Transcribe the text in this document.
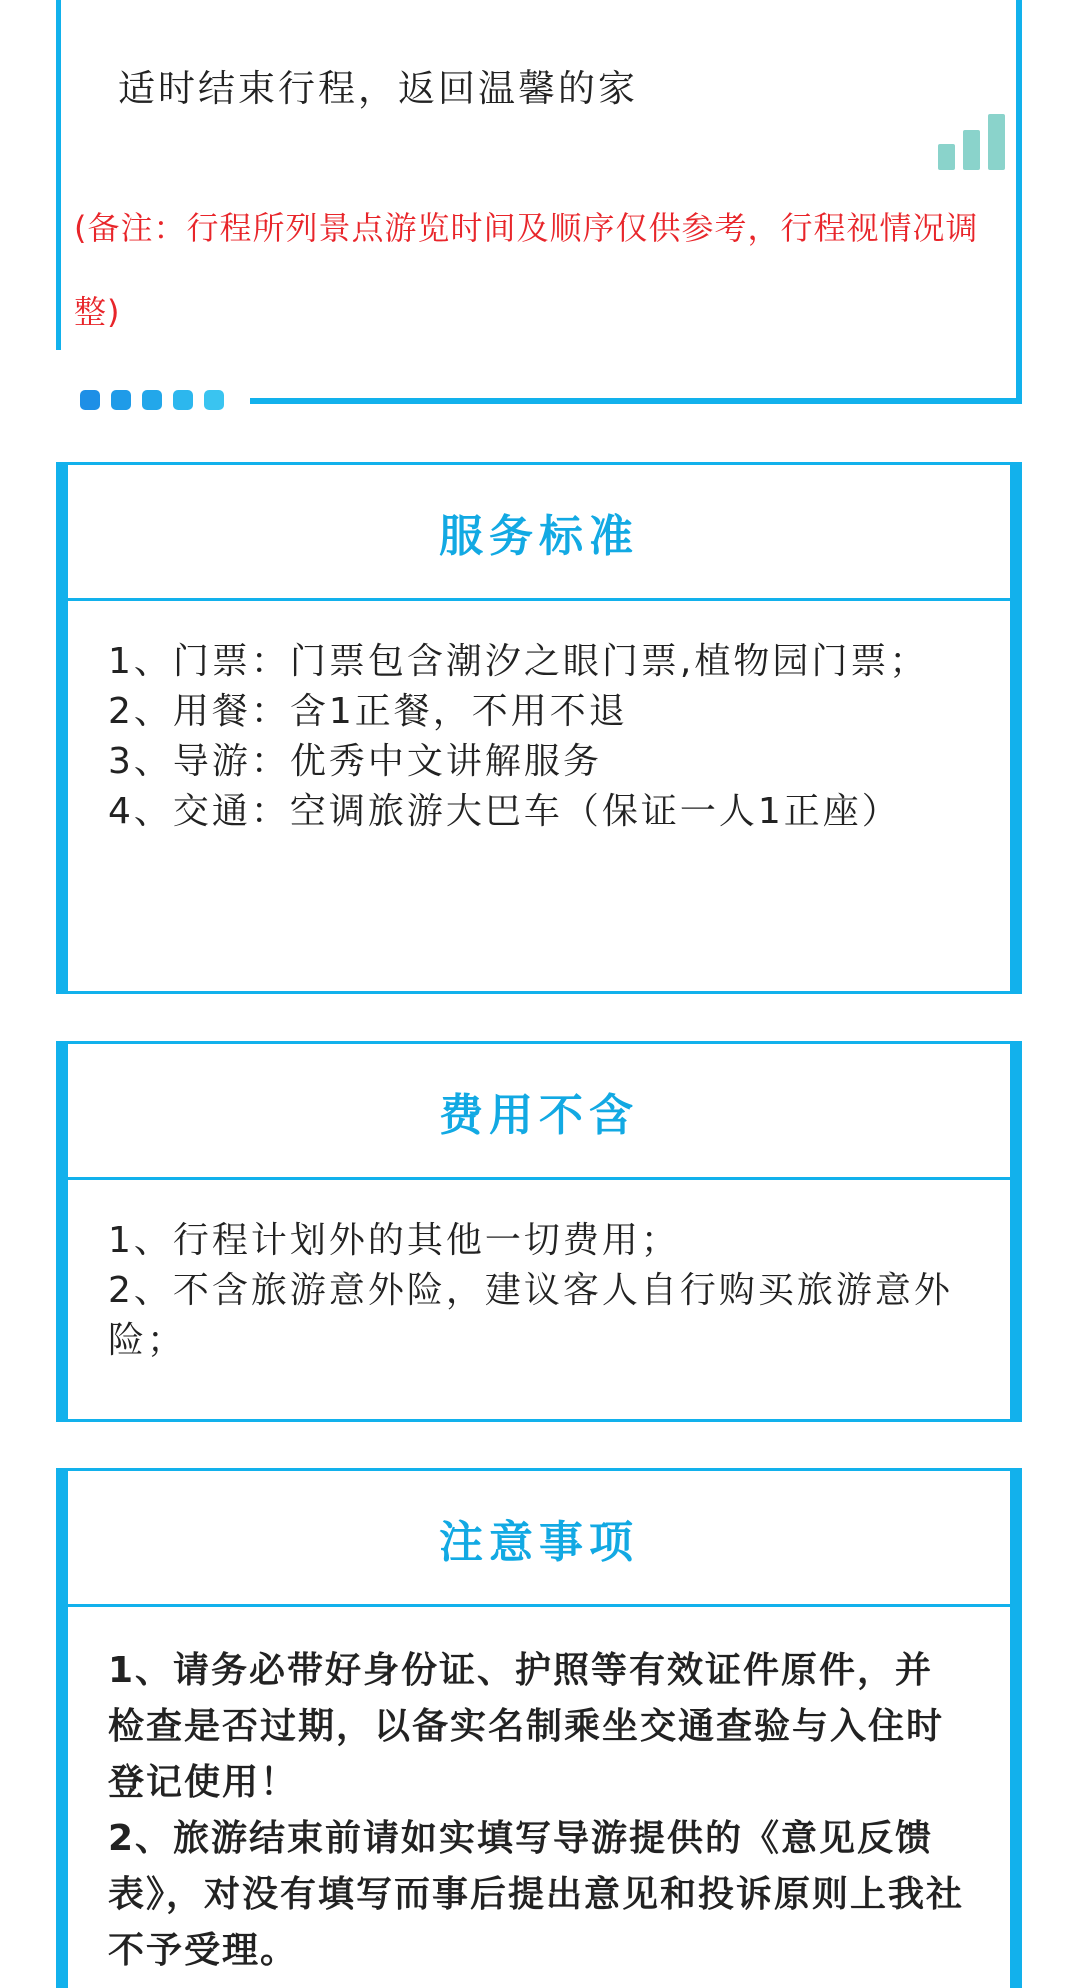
适时结束行程，返回温馨的家
(备注：行程所列景点游览时间及顺序仅供参考，行程视情况调整)
服务标准

1、门票：门票包含潮汐之眼门票,植物园门票；

2、用餐：含1正餐，不用不退

3、导游：优秀中文讲解服务

4、交通：空调旅游大巴车（保证一人1正座）

费用不含

1、行程计划外的其他一切费用；

2、不含旅游意外险，建议客人自行购买旅游意外险；

注意事项

1、请务必带好身份证、护照等有效证件原件，并检查是否过期，以备实名制乘坐交通查验与入住时登记使用！

2、旅游结束前请如实填写导游提供的《意见反馈表》，对没有填写而事后提出意见和投诉原则上我社不予受理。
